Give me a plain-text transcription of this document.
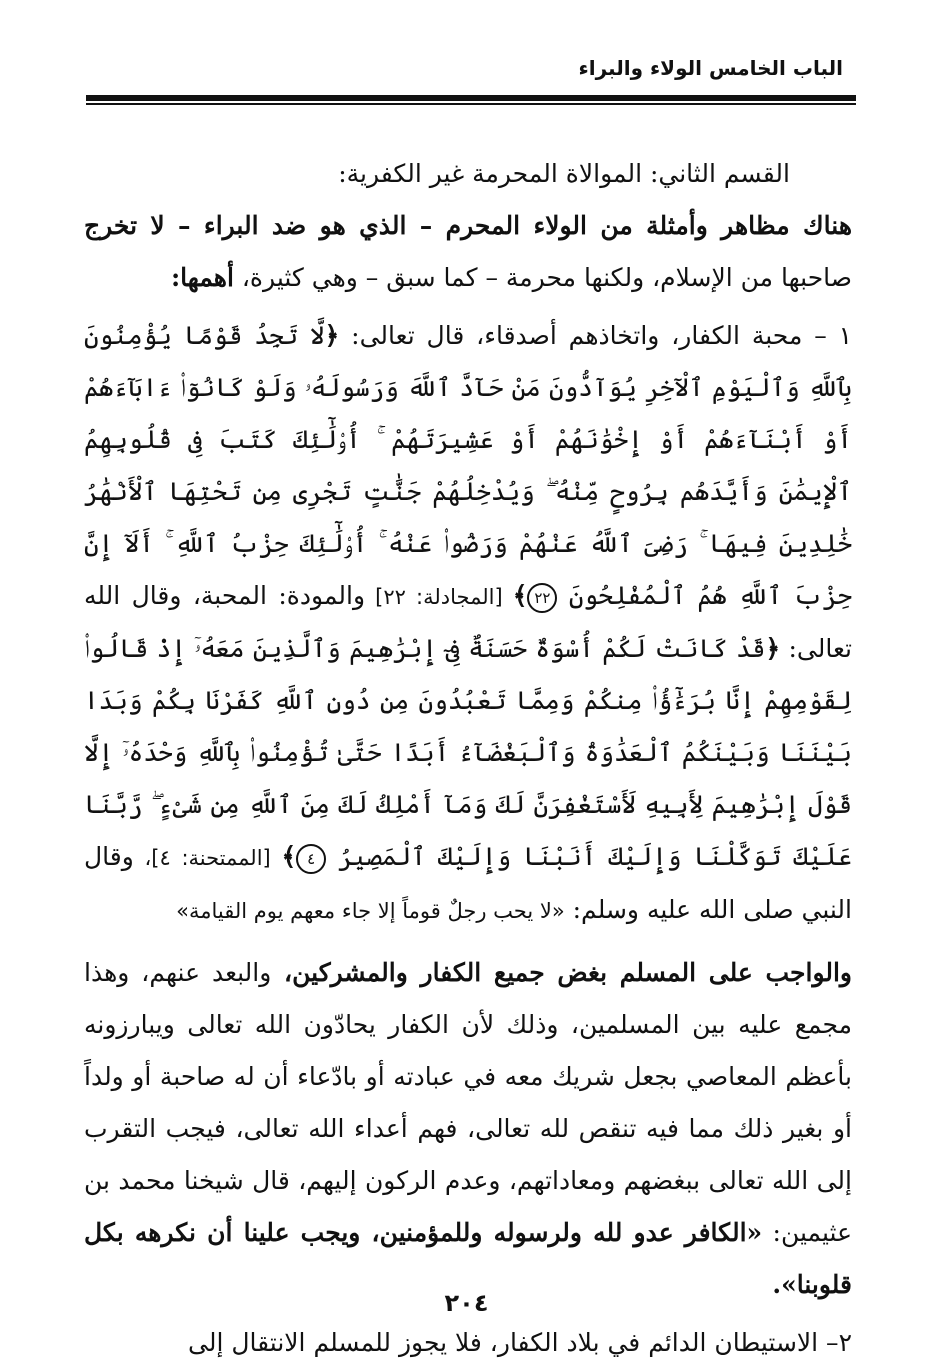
الباب الخامس الولاء والبراء

القسم الثاني: الموالاة المحرمة غير الكفرية:

هناك مظاهر وأمثلة من الولاء المحرم – الذي هو ضد البراء – لا تخرج صاحبها من الإسلام، ولكنها محرمة – كما سبق – وهي كثيرة، أهمها:

١ – محبة الكفار، واتخاذهم أصدقاء، قال تعالى: ﴿لَّا تَجِدُ قَوْمًا يُؤْمِنُونَ بِٱللَّهِ وَٱلْيَوْمِ ٱلْآخِرِ يُوَآدُّونَ مَنْ حَآدَّ ٱللَّهَ وَرَسُولَهُۥ وَلَوْ كَانُوٓا۟ ءَابَآءَهُمْ أَوْ أَبْنَآءَهُمْ أَوْ إِخْوَٰنَهُمْ أَوْ عَشِيرَتَهُمْ ۚ أُو۟لَٰٓئِكَ كَتَبَ فِى قُلُوبِهِمُ ٱلْإِيمَٰنَ وَأَيَّدَهُم بِرُوحٍ مِّنْهُ ۖ وَيُدْخِلُهُمْ جَنَّٰتٍ تَجْرِى مِن تَحْتِهَا ٱلْأَنْهَٰرُ خَٰلِدِينَ فِيهَا ۚ رَضِىَ ٱللَّهُ عَنْهُمْ وَرَضُوا۟ عَنْهُ ۚ أُو۟لَٰٓئِكَ حِزْبُ ٱللَّهِ ۚ أَلَآ إِنَّ حِزْبَ ٱللَّهِ هُمُ ٱلْمُفْلِحُونَ ٢٢﴾ [المجادلة: ٢٢] والمودة: المحبة، وقال الله تعالى: ﴿قَدْ كَانَتْ لَكُمْ أُسْوَةٌ حَسَنَةٌ فِىٓ إِبْرَٰهِيمَ وَٱلَّذِينَ مَعَهُۥٓ إِذْ قَالُوا۟ لِقَوْمِهِمْ إِنَّا بُرَءَٰٓؤُا۟ مِنكُمْ وَمِمَّا تَعْبُدُونَ مِن دُونِ ٱللَّهِ كَفَرْنَا بِكُمْ وَبَدَا بَيْنَنَا وَبَيْنَكُمُ ٱلْعَدَٰوَةُ وَٱلْبَغْضَآءُ أَبَدًا حَتَّىٰ تُؤْمِنُوا۟ بِٱللَّهِ وَحْدَهُۥٓ إِلَّا قَوْلَ إِبْرَٰهِيمَ لِأَبِيهِ لَأَسْتَغْفِرَنَّ لَكَ وَمَآ أَمْلِكُ لَكَ مِنَ ٱللَّهِ مِن شَىْءٍ ۖ رَّبَّنَا عَلَيْكَ تَوَكَّلْنَا وَإِلَيْكَ أَنَبْنَا وَإِلَيْكَ ٱلْمَصِيرُ ٤﴾ [الممتحنة: ٤]، وقال النبي صلى الله عليه وسلم: «لا يحب رجلٌ قوماً إلا جاء معهم يوم القيامة»

والواجب على المسلم بغض جميع الكفار والمشركين، والبعد عنهم، وهذا مجمع عليه بين المسلمين، وذلك لأن الكفار يحادّون الله تعالى ويبارزونه بأعظم المعاصي بجعل شريك معه في عبادته أو بادّعاء أن له صاحبة أو ولداً أو بغير ذلك مما فيه تنقص لله تعالى، فهم أعداء الله تعالى، فيجب التقرب إلى الله تعالى ببغضهم ومعاداتهم، وعدم الركون إليهم، قال شيخنا محمد بن عثيمين: «الكافر عدو لله ولرسوله وللمؤمنين، ويجب علينا أن نكرهه بكل قلوبنا».

٢– الاستيطان الدائم في بلاد الكفار، فلا يجوز للمسلم الانتقال إلى

٢٠٤
